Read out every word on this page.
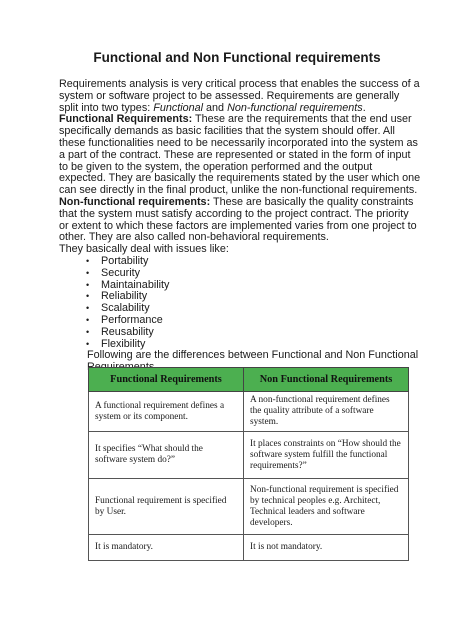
Functional and Non Functional requirements

Requirements analysis is very critical process that enables the success of a system or software project to be assessed. Requirements are generally split into two types: Functional and Non-functional requirements.

Functional Requirements: These are the requirements that the end user specifically demands as basic facilities that the system should offer. All these functionalities need to be necessarily incorporated into the system as a part of the contract. These are represented or stated in the form of input to be given to the system, the operation performed and the output expected. They are basically the requirements stated by the user which one can see directly in the final product, unlike the non-functional requirements.

Non-functional requirements: These are basically the quality constraints that the system must satisfy according to the project contract. The priority or extent to which these factors are implemented varies from one project to other. They are also called non-behavioral requirements.

They basically deal with issues like:

• Portability
• Security
• Maintainability
• Reliability
• Scalability
• Performance
• Reusability
• Flexibility

Following are the differences between Functional and Non Functional

Functional Requirements	Non Functional Requirements
A functional requirement defines a system or its component.	A non-functional requirement defines the quality attribute of a software system.
It specifies “What should the software system do?”	It places constraints on “How should the software system fulfill the functional requirements?”
Functional requirement is specified by User.	Non-functional requirement is specified by technical peoples e.g. Architect, Technical leaders and software developers.
It is mandatory.	It is not mandatory.
